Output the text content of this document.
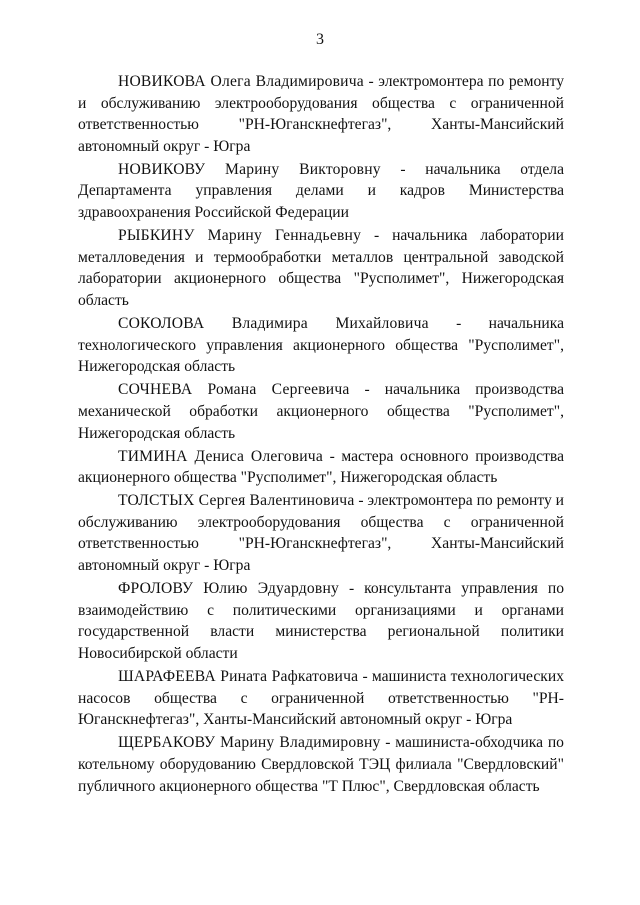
3

НОВИКОВА Олега Владимировича - электромонтера по ремонту и обслуживанию электрооборудования общества с ограниченной ответственностью "РН-Юганскнефтегаз", Ханты-Мансийский автономный округ - Югра

НОВИКОВУ Марину Викторовну - начальника отдела Департамента управления делами и кадров Министерства здравоохранения Российской Федерации

РЫБКИНУ Марину Геннадьевну - начальника лаборатории металловедения и термообработки металлов центральной заводской лаборатории акционерного общества "Русполимет", Нижегородская область

СОКОЛОВА Владимира Михайловича - начальника технологического управления акционерного общества "Русполимет", Нижегородская область

СОЧНЕВА Романа Сергеевича - начальника производства механической обработки акционерного общества "Русполимет", Нижегородская область

ТИМИНА Дениса Олеговича - мастера основного производства акционерного общества "Русполимет", Нижегородская область

ТОЛСТЫХ Сергея Валентиновича - электромонтера по ремонту и обслуживанию электрооборудования общества с ограниченной ответственностью "РН-Юганскнефтегаз", Ханты-Мансийский автономный округ - Югра

ФРОЛОВУ Юлию Эдуардовну - консультанта управления по взаимодействию с политическими организациями и органами государственной власти министерства региональной политики Новосибирской области

ШАРАФЕЕВА Рината Рафкатовича - машиниста технологических насосов общества с ограниченной ответственностью "РН-Юганскнефтегаз", Ханты-Мансийский автономный округ - Югра

ЩЕРБАКОВУ Марину Владимировну - машиниста-обходчика по котельному оборудованию Свердловской ТЭЦ филиала "Свердловский" публичного акционерного общества "Т Плюс", Свердловская область
